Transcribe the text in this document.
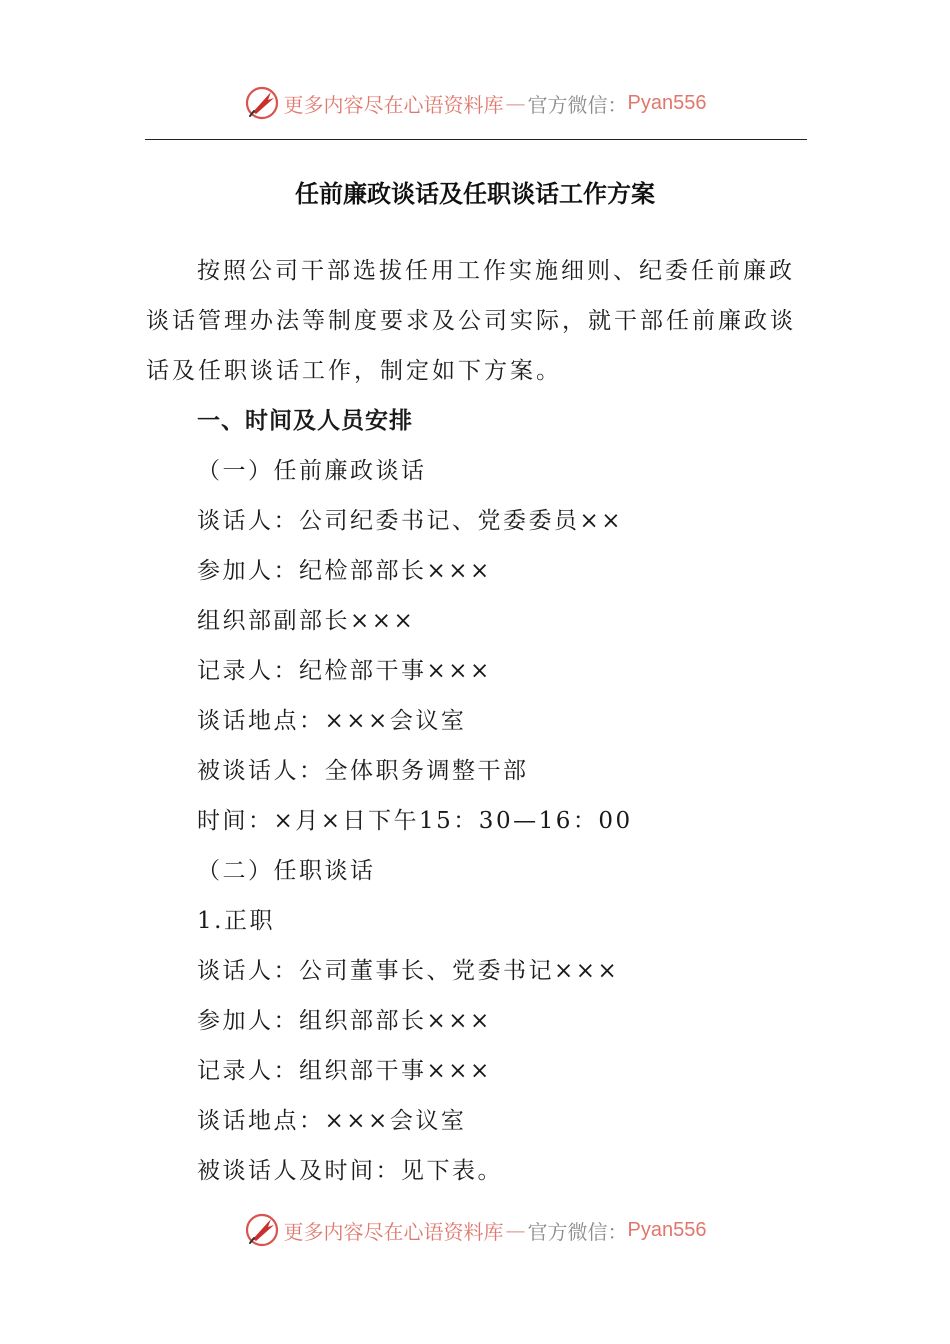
更多内容尽在心语资料库 — 官方微信： Pyan556
任前廉政谈话及任职谈话工作方案

按照公司干部选拔任用工作实施细则、纪委任前廉政谈话管理办法等制度要求及公司实际，就干部任前廉政谈话及任职谈话工作，制定如下方案。

一、时间及人员安排
（一）任前廉政谈话
谈话人：公司纪委书记、党委委员××
参加人：纪检部部长×××
组织部副部长×××
记录人：纪检部干事×××
谈话地点：×××会议室
被谈话人：全体职务调整干部
时间：×月×日下午15：30—16：00
（二）任职谈话
1.正职
谈话人：公司董事长、党委书记×××
参加人：组织部部长×××
记录人：组织部干事×××
谈话地点：×××会议室
被谈话人及时间：见下表。
更多内容尽在心语资料库 — 官方微信： Pyan556
